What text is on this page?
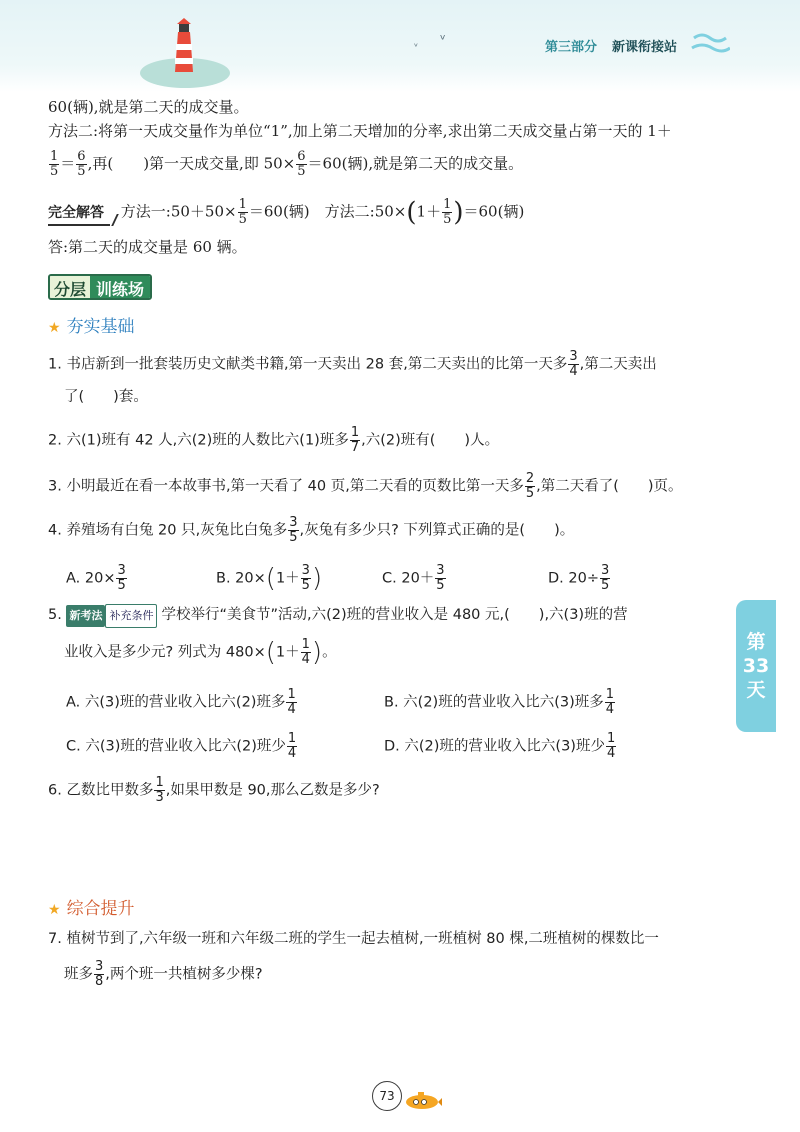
ᵛ ᵛ	第三部分 新课衔接站
60(辆),就是第二天的成交量。
方法二:将第一天成交量作为单位“1”,加上第二天增加的分率,求出第二天成交量占第一天的 1＋
$\frac{1}{5} = \frac{6}{5}$ ,再(　　)第一天成交量,即 $50\times \frac{6}{5} =60$(辆),就是第二天的成交量。
完全解答 方法一:50＋50× $\frac{1}{5} =60$(辆)　方法二:50×(1＋ $\frac{1}{5} )=60$(辆)
答:第二天的成交量是 60 辆。
分层 训练场
★ 夯实基础
1. 书店新到一批套装历史文献类书籍,第一天卖出 28 套,第二天卖出的比第一天多 $\frac{3}{4}$ ,第二天卖出
了(　　)套。
2. 六(1)班有 42 人,六(2)班的人数比六(1)班多 $\frac{1}{7}$ ,六(2)班有(　　)人。
3. 小明最近在看一本故事书,第一天看了 40 页,第二天看的页数比第一天多 $\frac{2}{5}$ ,第二天看了(　　)页。
4. 养殖场有白兔 20 只,灰兔比白兔多 $\frac{3}{5}$ ,灰兔有多少只? 下列算式正确的是(　　)。
A. $20\times \frac{3}{5}$	B. $20\times(1+ \frac{3}{5}$ )	C. $20+ \frac{3}{5}$	D. $20\div \frac{3}{5}$
5. 新考法 补充条件 学校举行“美食节”活动,六(2)班的营业收入是 480 元,(　　),六(3)班的营
业收入是多少元? 列式为 $480\times(1+ \frac{1}{4}$ )。
A. 六(3)班的营业收入比六(2)班多 $\frac{1}{4}$	B. 六(2)班的营业收入比六(3)班多 $\frac{1}{4}$
C. 六(3)班的营业收入比六(2)班少 $\frac{1}{4}$	D. 六(2)班的营业收入比六(3)班少 $\frac{1}{4}$
6. 乙数比甲数多 $\frac{1}{3}$ ,如果甲数是 90,那么乙数是多少?
★ 综合提升
7. 植树节到了,六年级一班和六年级二班的学生一起去植树,一班植树 80 棵,二班植树的棵数比一
班多 $\frac{3}{8}$ ,两个班一共植树多少棵?
第
33
天
73
